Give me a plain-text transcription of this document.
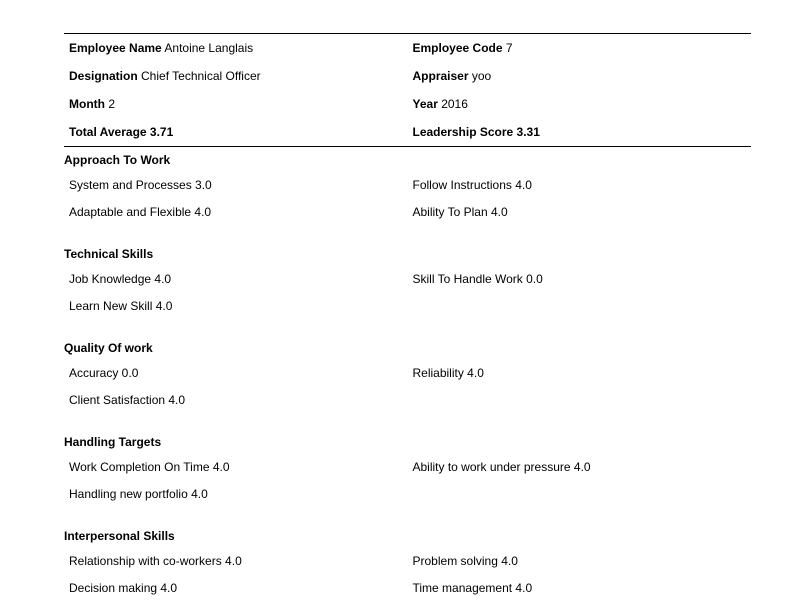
Employee Name Antoine Langlais	Employee Code 7
Designation Chief Technical Officer	Appraiser yoo
Month 2	Year 2016
Total Average 3.71	Leadership Score 3.31
Approach To Work
System and Processes 3.0	Follow Instructions 4.0
Adaptable and Flexible 4.0	Ability To Plan 4.0
Technical Skills
Job Knowledge 4.0	Skill To Handle Work 0.0
Learn New Skill 4.0
Quality Of work
Accuracy 0.0	Reliability 4.0
Client Satisfaction 4.0
Handling Targets
Work Completion On Time 4.0	Ability to work under pressure 4.0
Handling new portfolio 4.0
Interpersonal Skills
Relationship with co-workers 4.0	Problem solving 4.0
Decision making 4.0	Time management 4.0
